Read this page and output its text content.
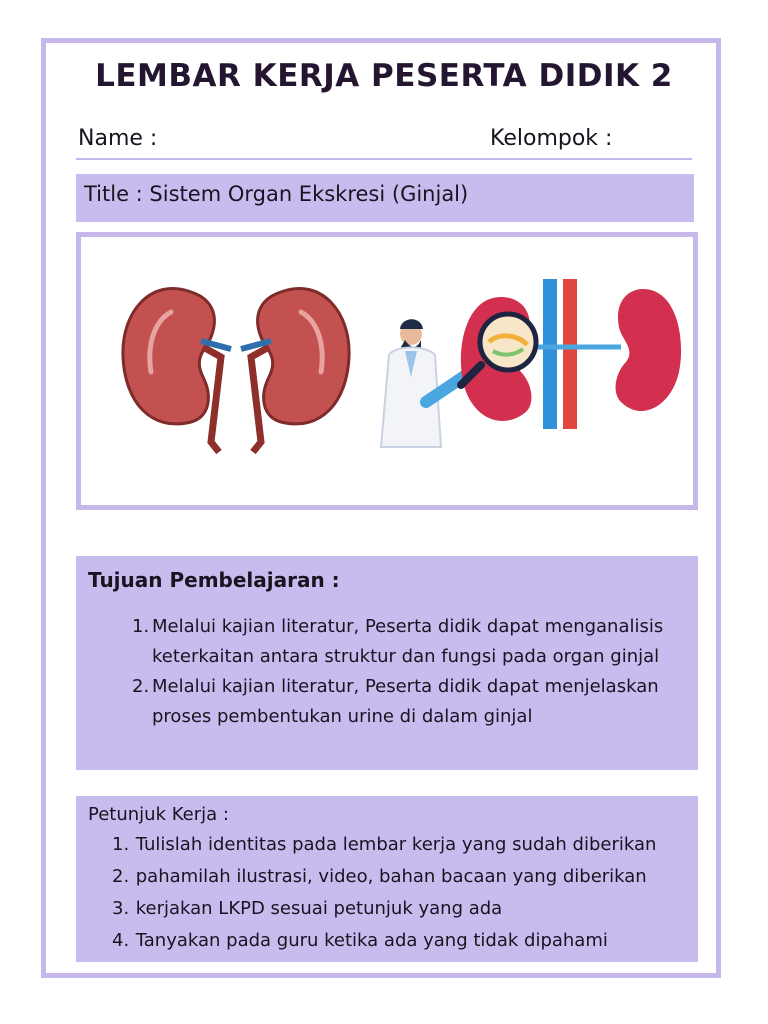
LEMBAR KERJA PESERTA DIDIK 2
Name :	Kelompok :
Title : Sistem Organ Ekskresi (Ginjal)
Tujuan Pembelajaran :
1. Melalui kajian literatur, Peserta didik dapat menganalisis keterkaitan antara struktur dan fungsi pada organ ginjal
2. Melalui kajian literatur, Peserta didik dapat menjelaskan proses pembentukan urine di dalam ginjal
Petunjuk Kerja :
1. Tulislah identitas pada lembar kerja yang sudah diberikan
2. pahamilah ilustrasi, video, bahan bacaan yang diberikan
3. kerjakan LKPD sesuai petunjuk yang ada
4. Tanyakan pada guru ketika ada yang tidak dipahami
